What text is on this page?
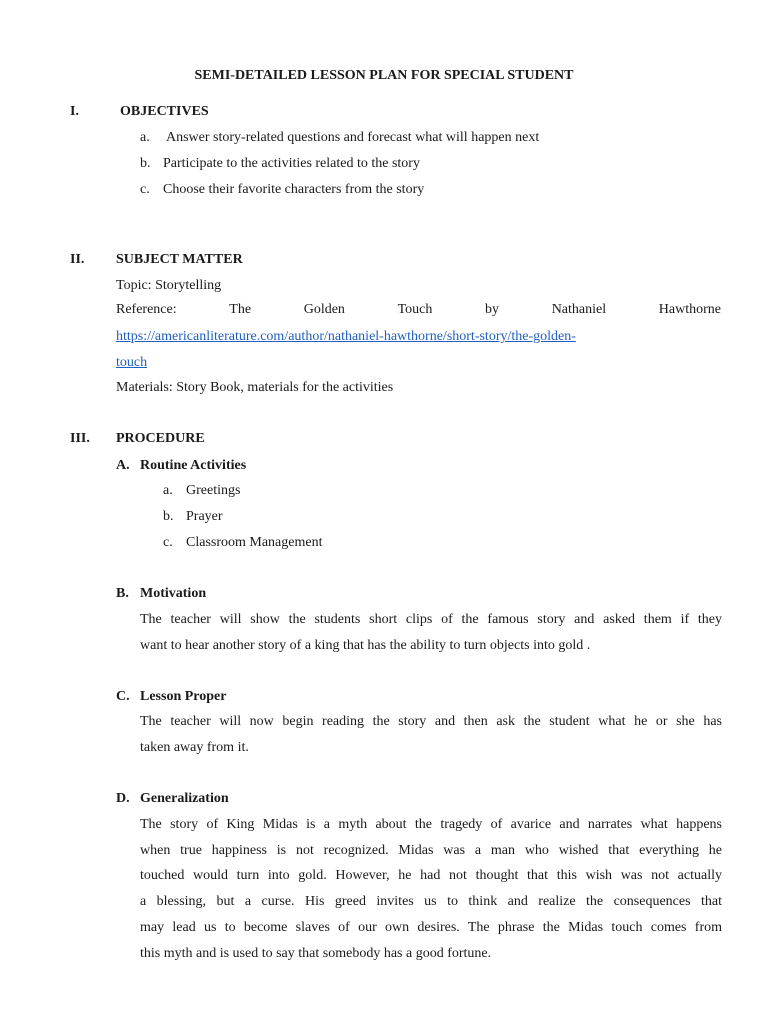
SEMI-DETAILED LESSON PLAN FOR SPECIAL STUDENT
I.	OBJECTIVES
a. Answer story-related questions and forecast what will happen next
b. Participate to the activities related to the story
c. Choose their favorite characters from the story
II. SUBJECT MATTER
Topic: Storytelling
Reference:	The	Golden	Touch	by	Nathaniel	Hawthorne
https://americanliterature.com/author/nathaniel-hawthorne/short-story/the-golden-
touch
Materials: Story Book, materials for the activities
III. PROCEDURE
A. Routine Activities
a. Greetings
b. Prayer
c. Classroom Management
B. Motivation
The teacher will show the students short clips of the famous story and asked them if they
want to hear another story of a king that has the ability to turn objects into gold .
C. Lesson Proper
The teacher will now begin reading the story and then ask the student what he or she has
taken away from it.
D. Generalization
The story of King Midas is a myth about the tragedy of avarice and narrates what happens
when true happiness is not recognized. Midas was a man who wished that everything he
touched would turn into gold. However, he had not thought that this wish was not actually
a blessing, but a curse. His greed invites us to think and realize the consequences that
may lead us to become slaves of our own desires. The phrase the Midas touch comes from
this myth and is used to say that somebody has a good fortune.
